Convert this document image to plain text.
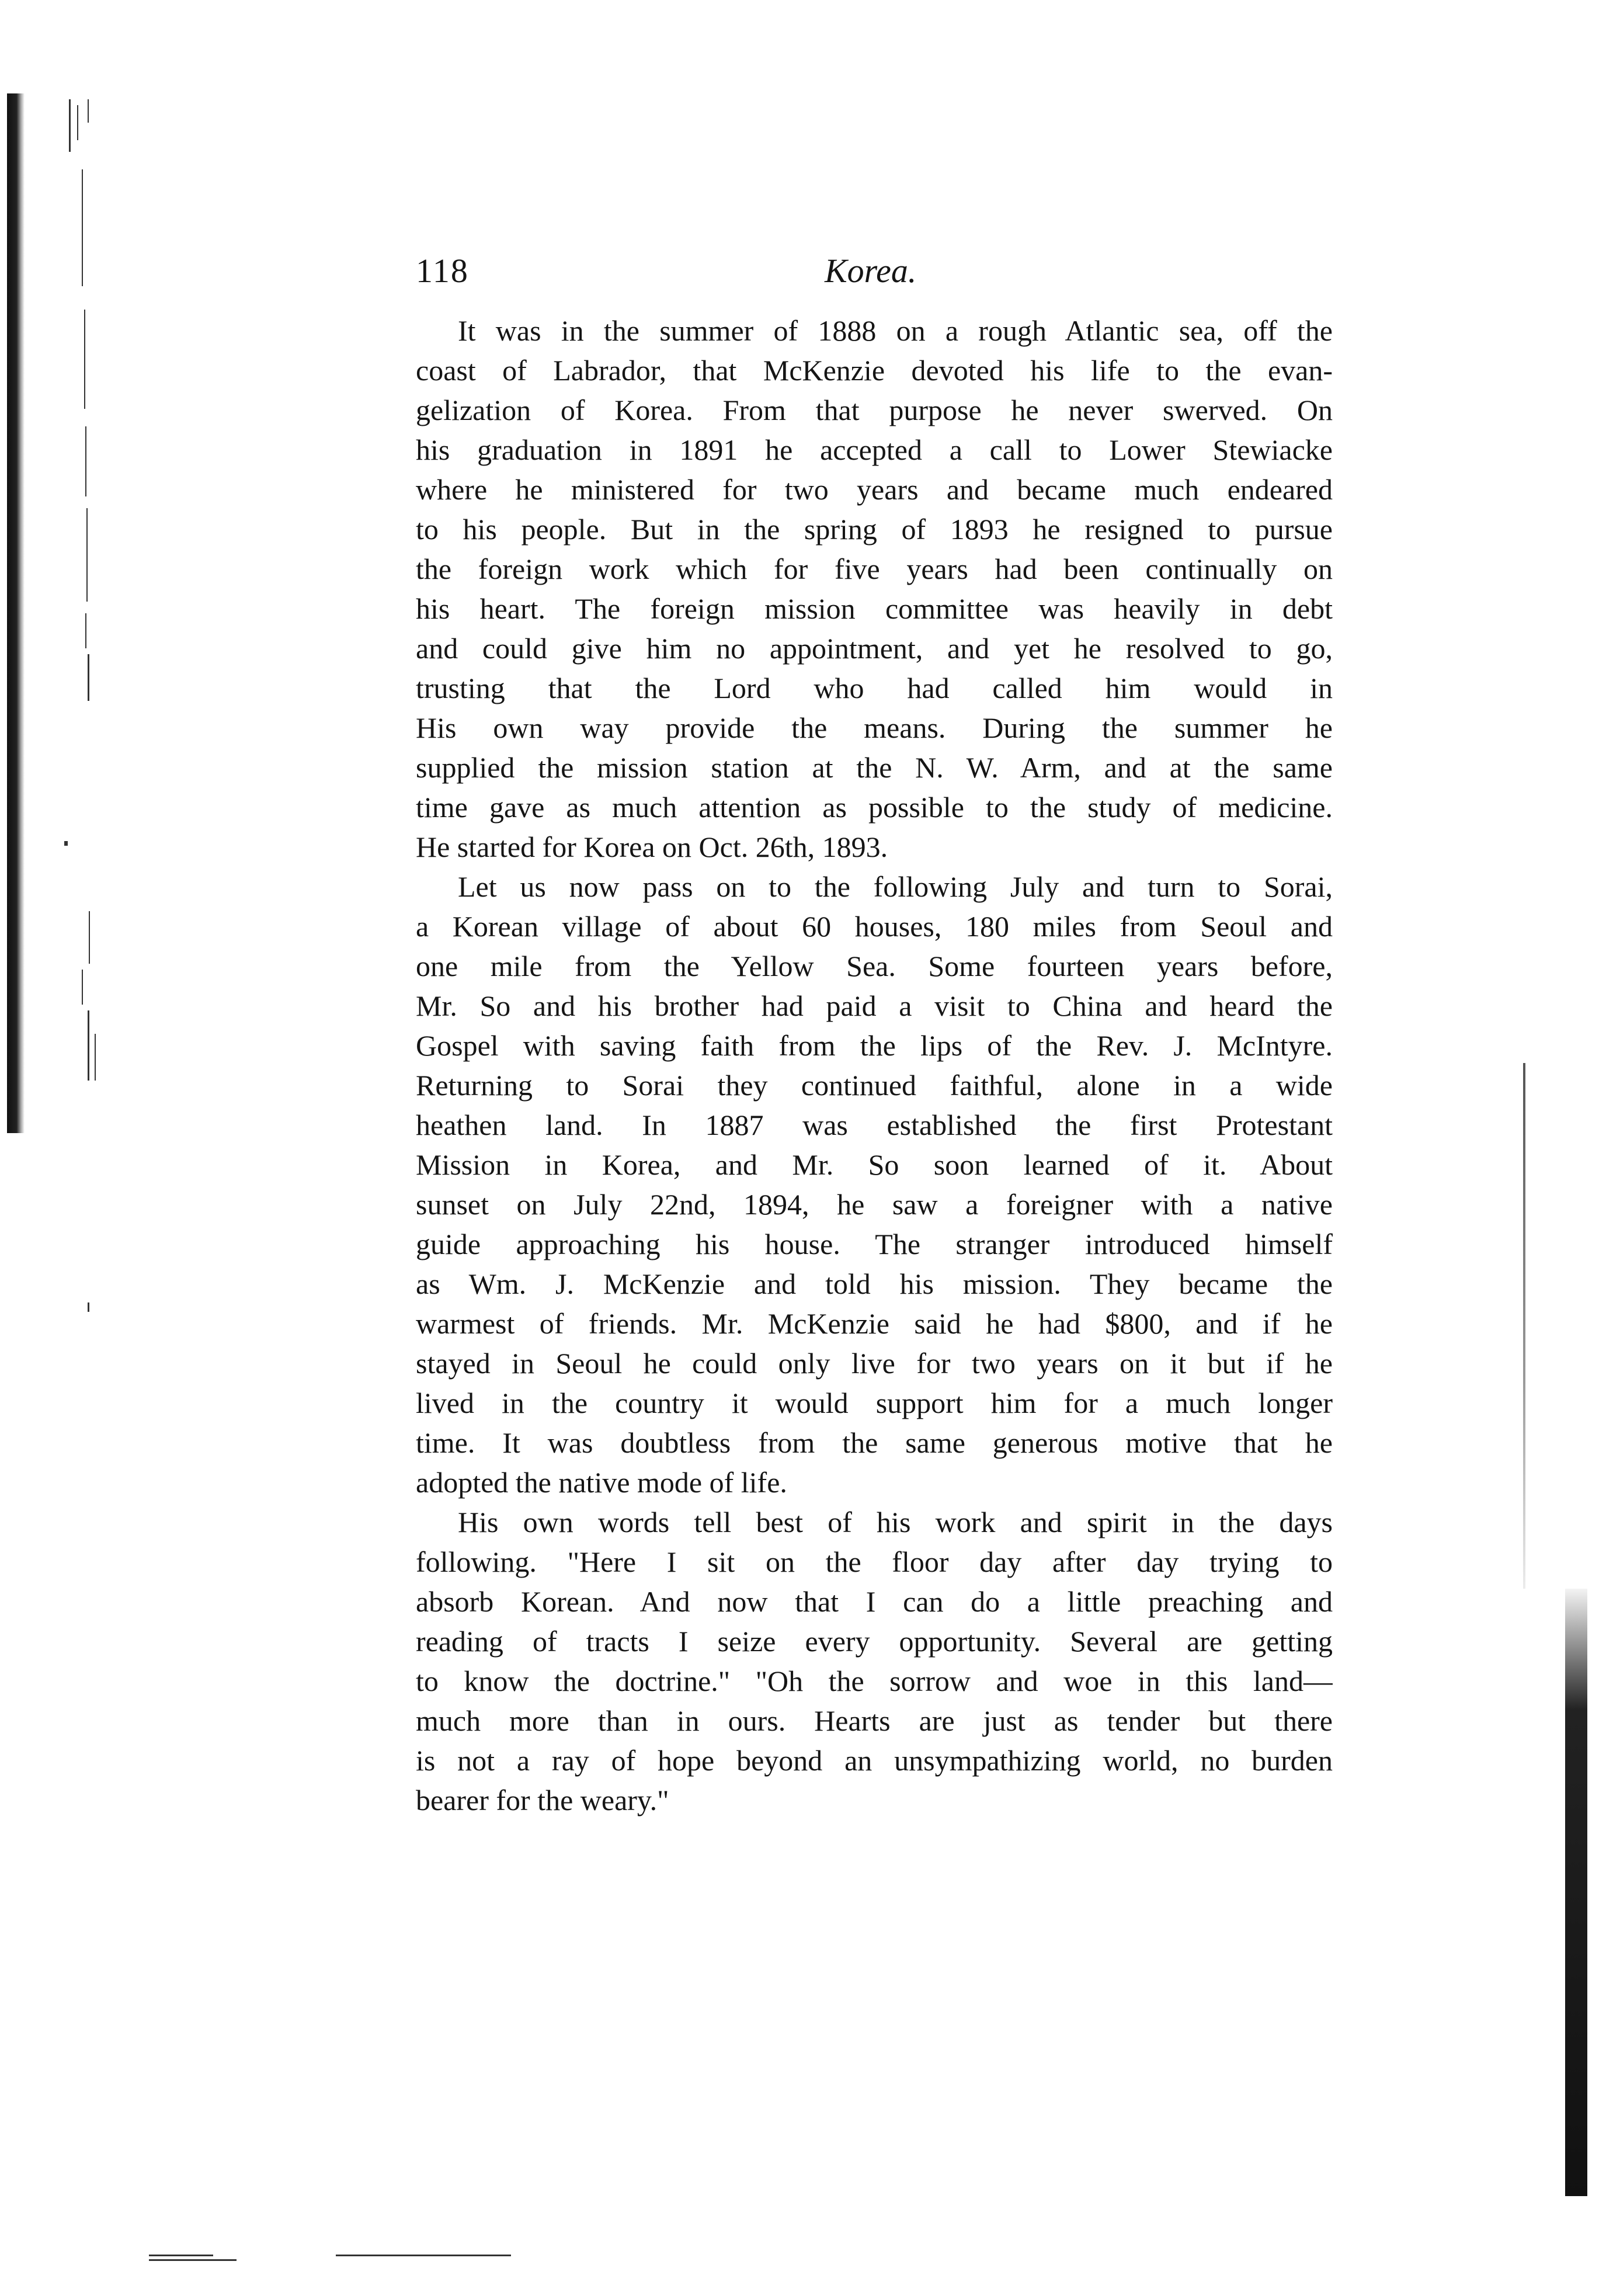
118	Korea.
It was in the summer of 1888 on a rough Atlantic sea, off the
coast of Labrador, that McKenzie devoted his life to the evan-
gelization of Korea. From that purpose he never swerved. On
his graduation in 1891 he accepted a call to Lower Stewiacke
where he ministered for two years and became much endeared
to his people. But in the spring of 1893 he resigned to pursue
the foreign work which for five years had been continually on
his heart. The foreign mission committee was heavily in debt
and could give him no appointment, and yet he resolved to go,
trusting that the Lord who had called him would in
His own way provide the means. During the summer he
supplied the mission station at the N. W. Arm, and at the same
time gave as much attention as possible to the study of medicine.
He started for Korea on Oct. 26th, 1893.
Let us now pass on to the following July and turn to Sorai,
a Korean village of about 60 houses, 180 miles from Seoul and
one mile from the Yellow Sea. Some fourteen years before,
Mr. So and his brother had paid a visit to China and heard the
Gospel with saving faith from the lips of the Rev. J. McIntyre.
Returning to Sorai they continued faithful, alone in a wide
heathen land. In 1887 was established the first Protestant
Mission in Korea, and Mr. So soon learned of it. About
sunset on July 22nd, 1894, he saw a foreigner with a native
guide approaching his house. The stranger introduced himself
as Wm. J. McKenzie and told his mission. They became the
warmest of friends. Mr. McKenzie said he had $800, and if he
stayed in Seoul he could only live for two years on it but if he
lived in the country it would support him for a much longer
time. It was doubtless from the same generous motive that he
adopted the native mode of life.
His own words tell best of his work and spirit in the days
following. "Here I sit on the floor day after day trying to
absorb Korean. And now that I can do a little preaching and
reading of tracts I seize every opportunity. Several are getting
to know the doctrine." "Oh the sorrow and woe in this land—
much more than in ours. Hearts are just as tender but there
is not a ray of hope beyond an unsympathizing world, no burden
bearer for the weary."
